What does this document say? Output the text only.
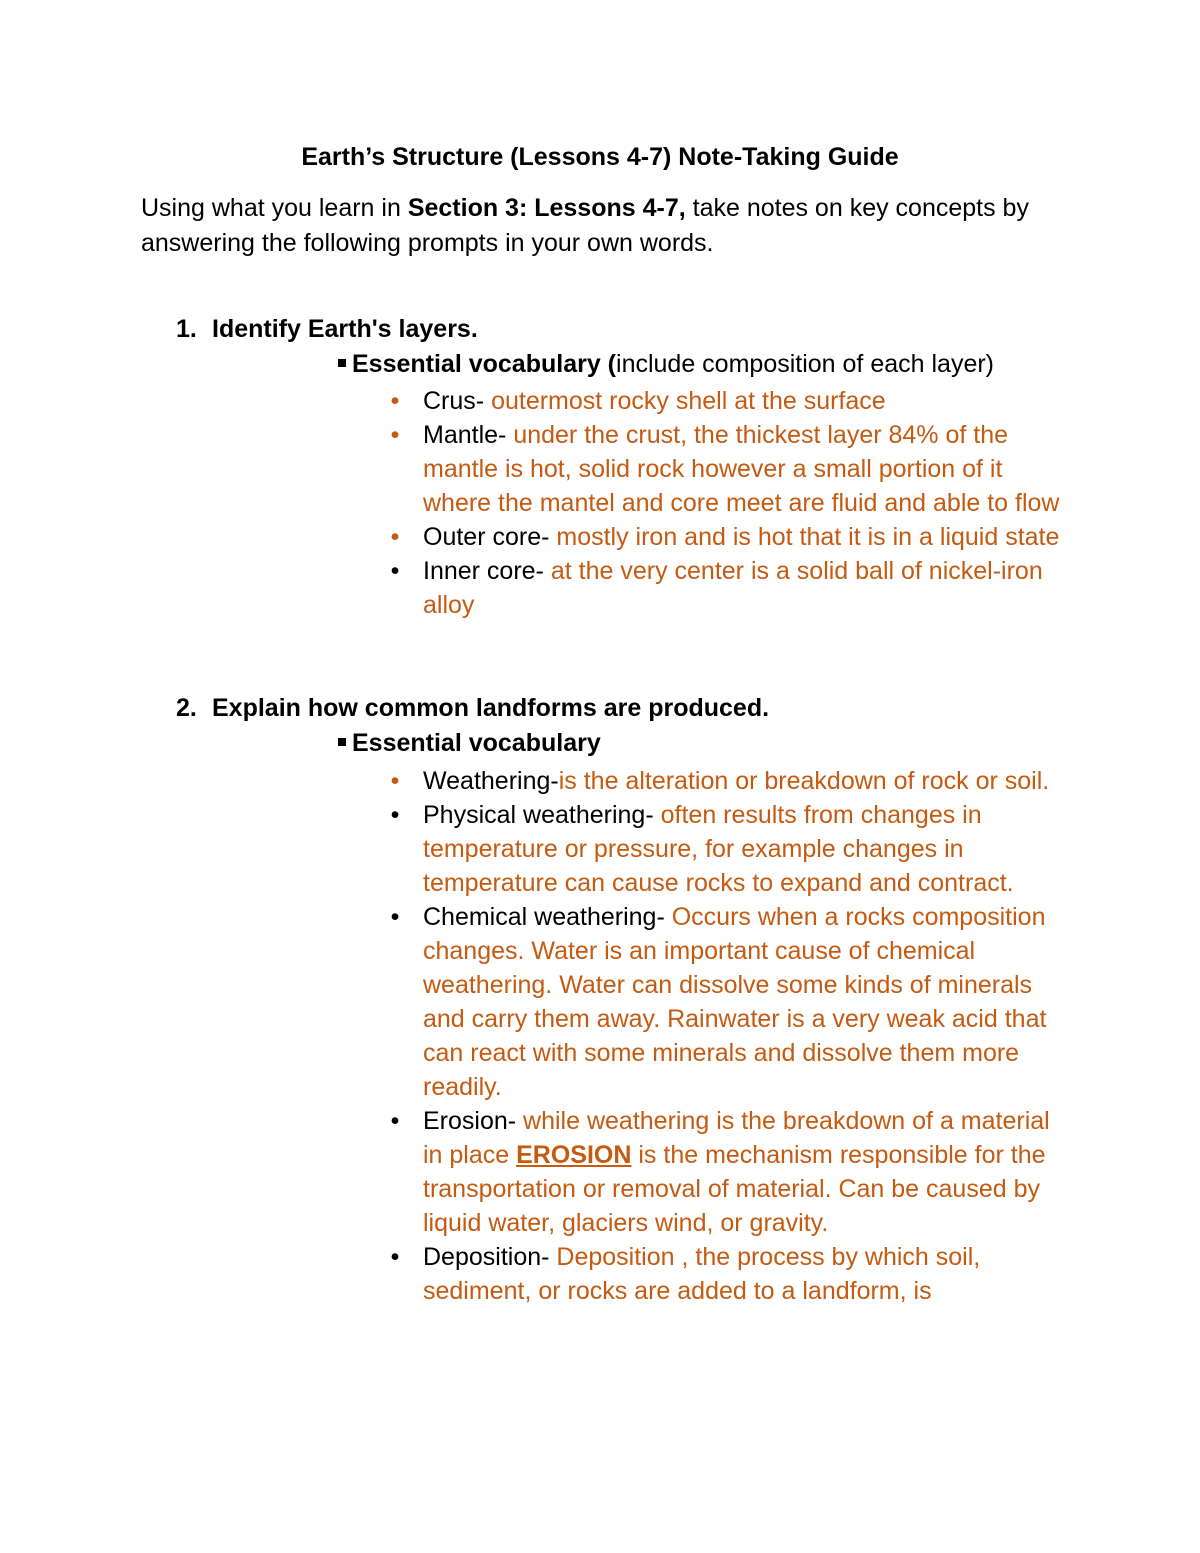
Earth’s Structure (Lessons 4-7) Note-Taking Guide
Using what you learn in Section 3: Lessons 4-7, take notes on key concepts by answering the following prompts in your own words.
1. Identify Earth's layers.
Essential vocabulary (include composition of each layer)
• Crus- outermost rocky shell at the surface
• Mantle- under the crust, the thickest layer 84% of the mantle is hot, solid rock however a small portion of it where the mantel and core meet are fluid and able to flow
• Outer core- mostly iron and is hot that it is in a liquid state
• Inner core- at the very center is a solid ball of nickel-iron alloy
2. Explain how common landforms are produced.
Essential vocabulary
• Weathering-is the alteration or breakdown of rock or soil.
• Physical weathering- often results from changes in temperature or pressure, for example changes in temperature can cause rocks to expand and contract.
• Chemical weathering- Occurs when a rocks composition changes. Water is an important cause of chemical weathering. Water can dissolve some kinds of minerals and carry them away. Rainwater is a very weak acid that can react with some minerals and dissolve them more readily.
• Erosion- while weathering is the breakdown of a material in place EROSION is the mechanism responsible for the transportation or removal of material. Can be caused by liquid water, glaciers wind, or gravity.
• Deposition- Deposition , the process by which soil, sediment, or rocks are added to a landform, is
